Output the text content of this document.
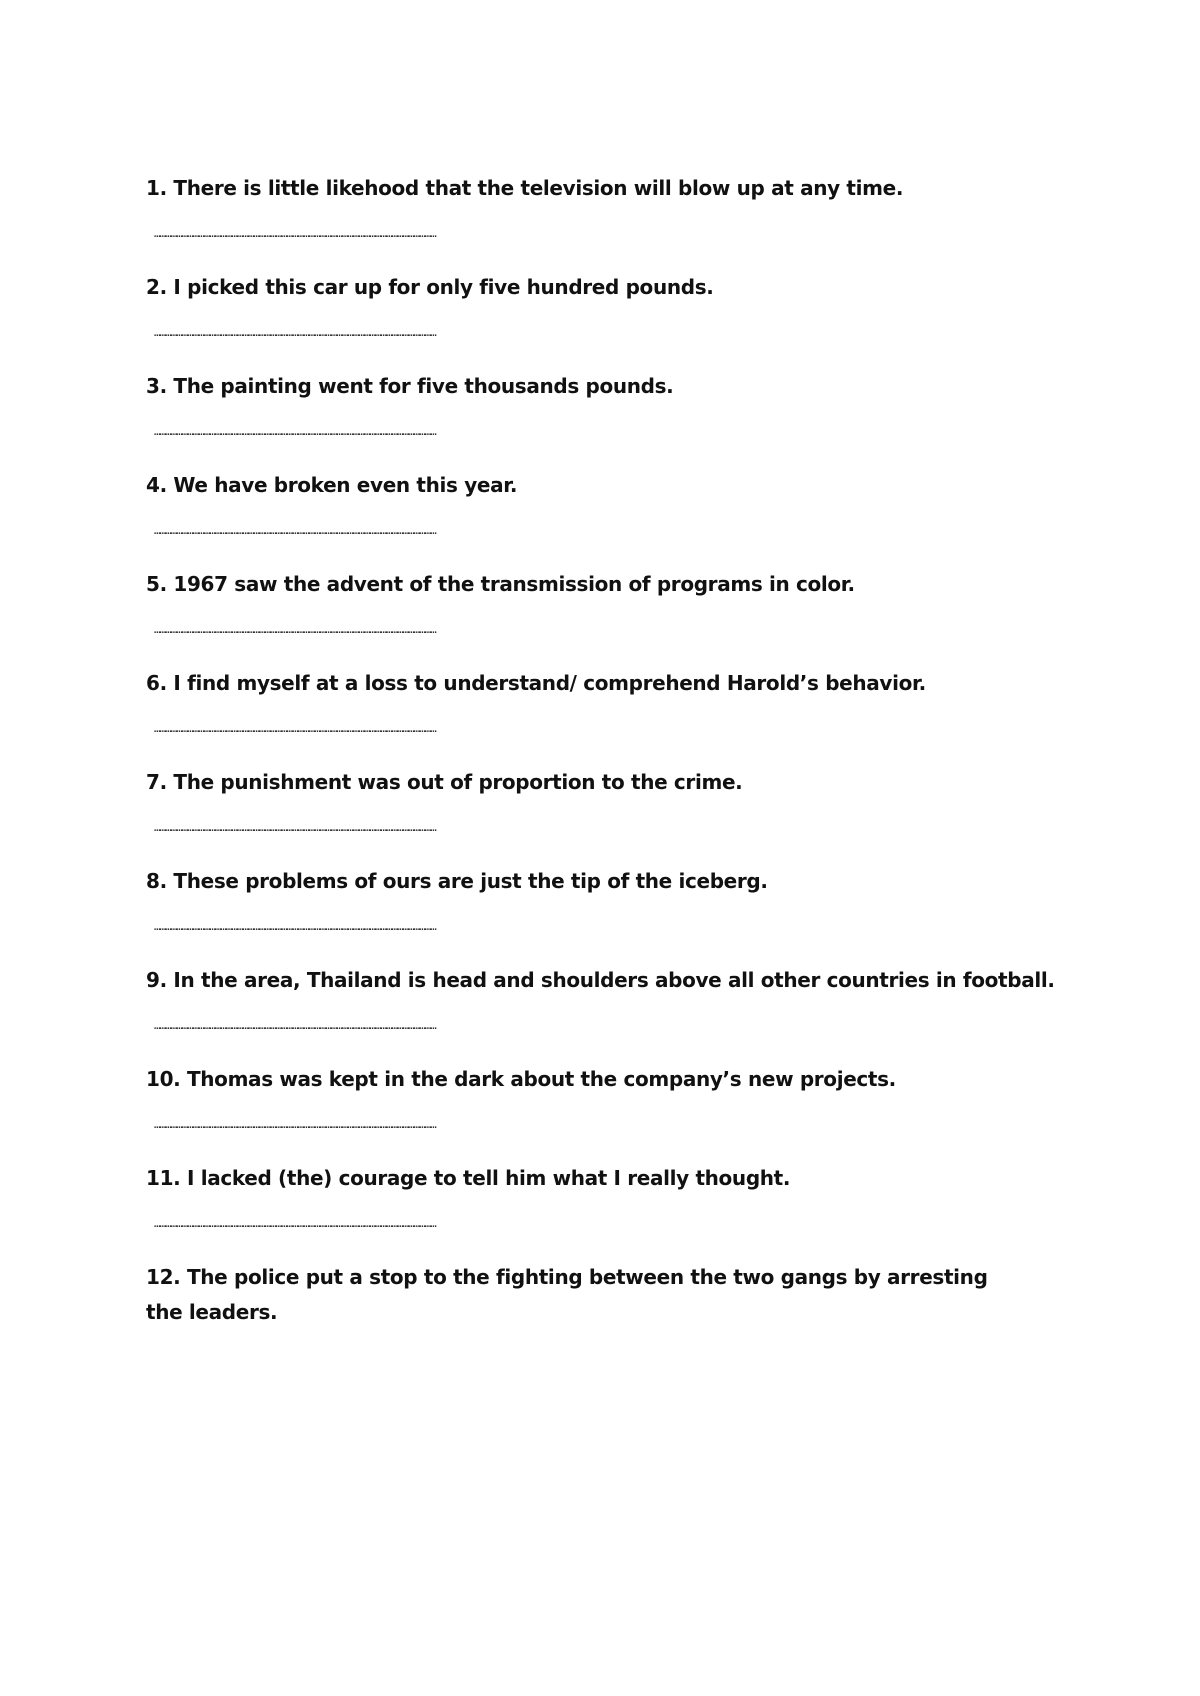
1. There is little likehood that the television will blow up at any time.
………………………………………………………………………………………………………………………………………
2. I picked this car up for only five hundred pounds.
………………………………………………………………………………………………………………………………………
3. The painting went for five thousands pounds.
………………………………………………………………………………………………………………………………………
4. We have broken even this year.
………………………………………………………………………………………………………………………………………
5. 1967 saw the advent of the transmission of programs in color.
………………………………………………………………………………………………………………………………………
6. I find myself at a loss to understand/ comprehend Harold’s behavior.
………………………………………………………………………………………………………………………………………
7. The punishment was out of proportion to the crime.
………………………………………………………………………………………………………………………………………
8. These problems of ours are just the tip of the iceberg.
………………………………………………………………………………………………………………………………………
9. In the area, Thailand is head and shoulders above all other countries in football.
………………………………………………………………………………………………………………………………………
10. Thomas was kept in the dark about the company’s new projects.
………………………………………………………………………………………………………………………………………
11. I lacked (the) courage to tell him what I really thought.
………………………………………………………………………………………………………………………………………
12. The police put a stop to the fighting between the two gangs by arresting the leaders.
